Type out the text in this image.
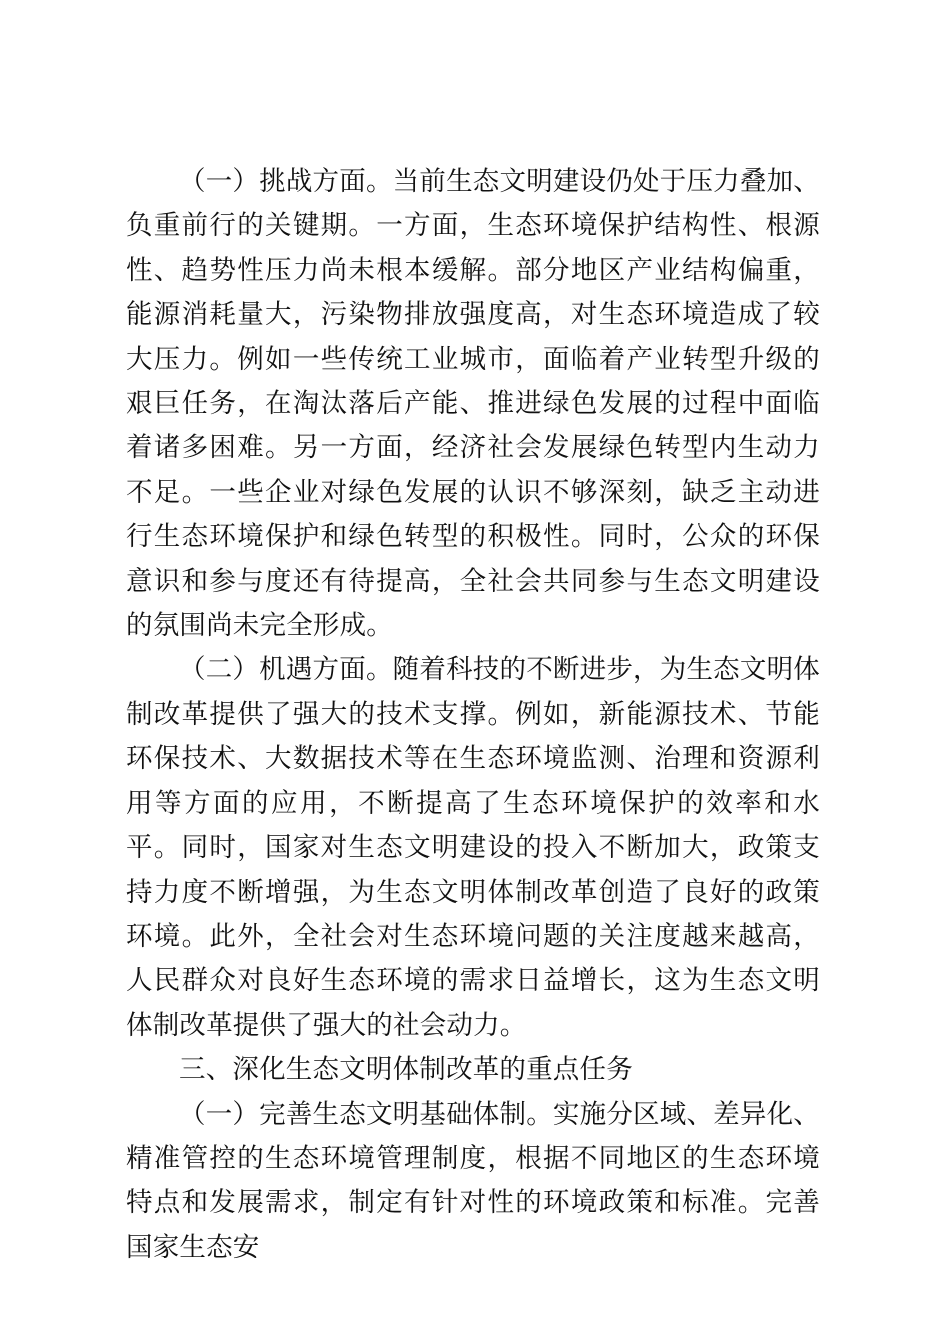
（一）挑战方面。当前生态文明建设仍处于压力叠加、负重前行的关键期。一方面，生态环境保护结构性、根源性、趋势性压力尚未根本缓解。部分地区产业结构偏重，能源消耗量大，污染物排放强度高，对生态环境造成了较大压力。例如一些传统工业城市，面临着产业转型升级的艰巨任务，在淘汰落后产能、推进绿色发展的过程中面临着诸多困难。另一方面，经济社会发展绿色转型内生动力不足。一些企业对绿色发展的认识不够深刻，缺乏主动进行生态环境保护和绿色转型的积极性。同时，公众的环保意识和参与度还有待提高，全社会共同参与生态文明建设的氛围尚未完全形成。

（二）机遇方面。随着科技的不断进步，为生态文明体制改革提供了强大的技术支撑。例如，新能源技术、节能环保技术、大数据技术等在生态环境监测、治理和资源利用等方面的应用，不断提高了生态环境保护的效率和水平。同时，国家对生态文明建设的投入不断加大，政策支持力度不断增强，为生态文明体制改革创造了良好的政策环境。此外，全社会对生态环境问题的关注度越来越高，人民群众对良好生态环境的需求日益增长，这为生态文明体制改革提供了强大的社会动力。

三、深化生态文明体制改革的重点任务

（一）完善生态文明基础体制。实施分区域、差异化、精准管控的生态环境管理制度，根据不同地区的生态环境特点和发展需求，制定有针对性的环境政策和标准。完善国家生态安
